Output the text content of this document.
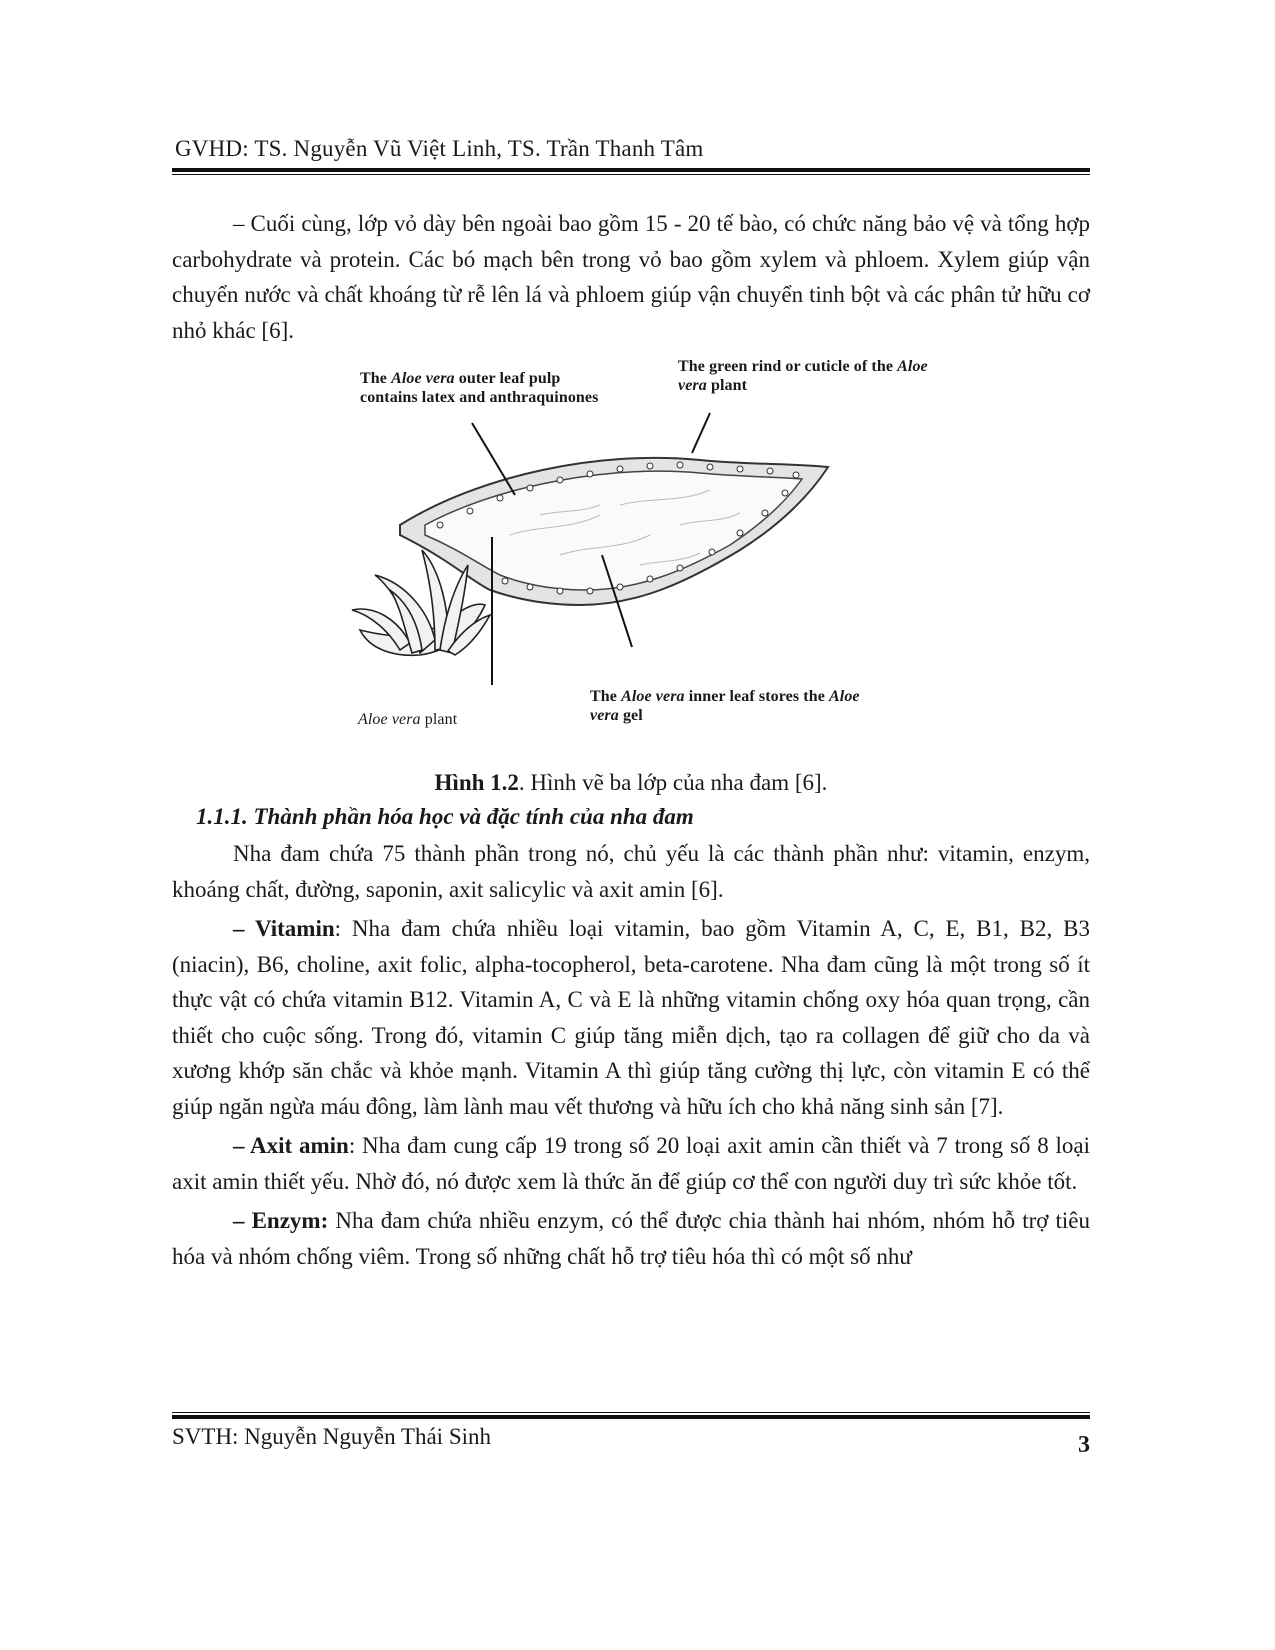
GVHD: TS. Nguyễn Vũ Việt Linh, TS. Trần Thanh Tâm

– Cuối cùng, lớp vỏ dày bên ngoài bao gồm 15 - 20 tế bào, có chức năng bảo vệ và tổng hợp carbohydrate và protein. Các bó mạch bên trong vỏ bao gồm xylem và phloem. Xylem giúp vận chuyển nước và chất khoáng từ rễ lên lá và phloem giúp vận chuyển tinh bột và các phân tử hữu cơ nhỏ khác [6].

The Aloe vera outer leaf pulp contains latex and anthraquinones
The green rind or cuticle of the Aloe vera plant
The Aloe vera inner leaf stores the Aloe vera gel
Aloe vera plant
Hình 1.2. Hình vẽ ba lớp của nha đam [6].
1.1.1. Thành phần hóa học và đặc tính của nha đam

Nha đam chứa 75 thành phần trong nó, chủ yếu là các thành phần như: vitamin, enzym, khoáng chất, đường, saponin, axit salicylic và axit amin [6].

– Vitamin: Nha đam chứa nhiều loại vitamin, bao gồm Vitamin A, C, E, B1, B2, B3 (niacin), B6, choline, axit folic, alpha-tocopherol, beta-carotene. Nha đam cũng là một trong số ít thực vật có chứa vitamin B12. Vitamin A, C và E là những vitamin chống oxy hóa quan trọng, cần thiết cho cuộc sống. Trong đó, vitamin C giúp tăng miễn dịch, tạo ra collagen để giữ cho da và xương khớp săn chắc và khỏe mạnh. Vitamin A thì giúp tăng cường thị lực, còn vitamin E có thể giúp ngăn ngừa máu đông, làm lành mau vết thương và hữu ích cho khả năng sinh sản [7].

– Axit amin: Nha đam cung cấp 19 trong số 20 loại axit amin cần thiết và 7 trong số 8 loại axit amin thiết yếu. Nhờ đó, nó được xem là thức ăn để giúp cơ thể con người duy trì sức khỏe tốt.

– Enzym: Nha đam chứa nhiều enzym, có thể được chia thành hai nhóm, nhóm hỗ trợ tiêu hóa và nhóm chống viêm. Trong số những chất hỗ trợ tiêu hóa thì có một số như

SVTH: Nguyễn Nguyễn Thái Sinh	3
